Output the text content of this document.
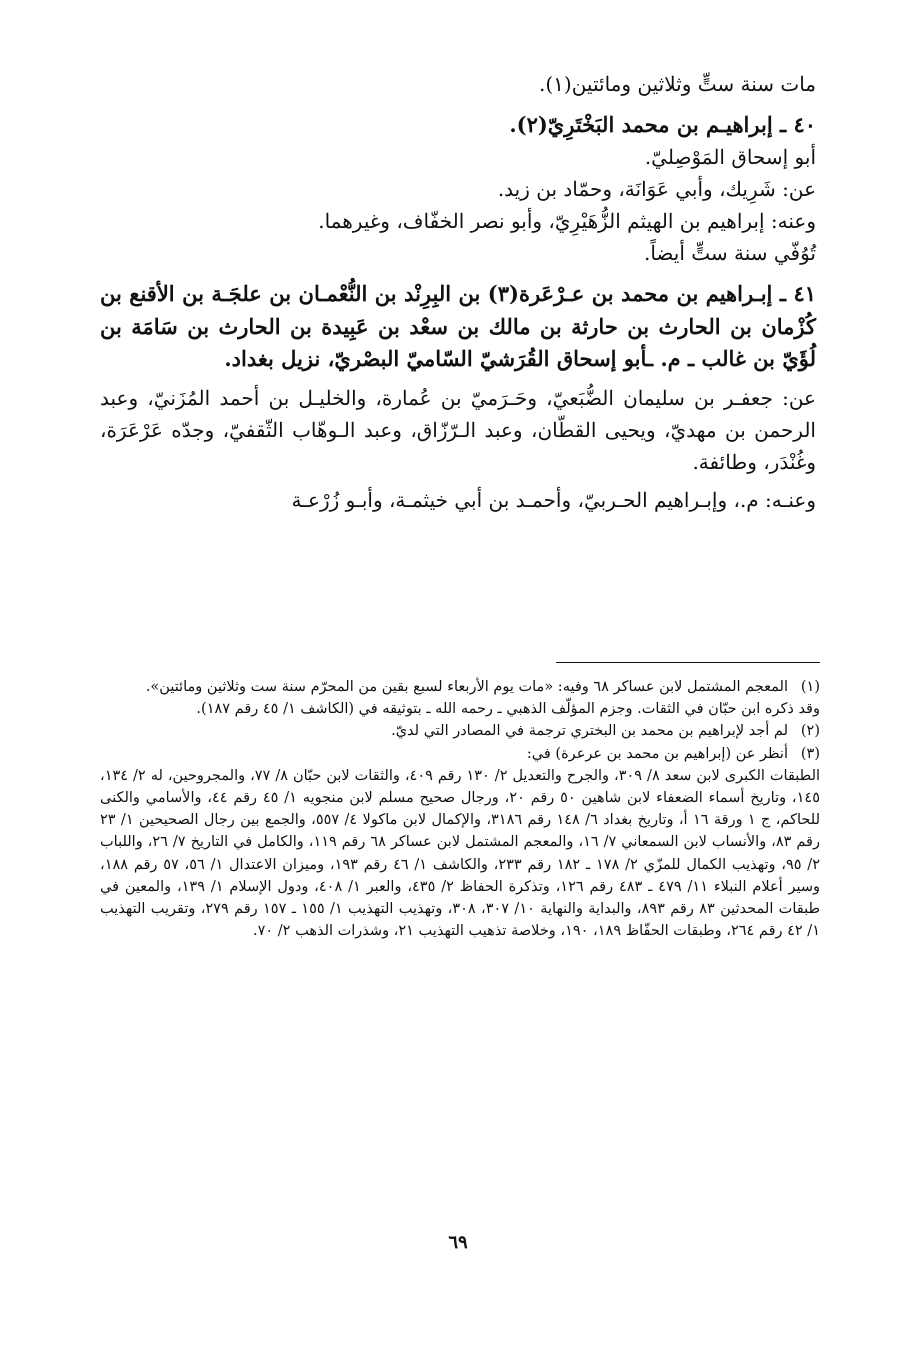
مات سنة ستٍّ وثلاثين ومائتين(١).
٤٠ ـ إبراهيـم بن محمد البَخْتَرِيّ(٢).
أبو إسحاق المَوْصِليّ.
عن: شَرِيك، وأبي عَوَانَة، وحمّاد بن زيد.
وعنه: إبراهيم بن الهيثم الزُّهَيْرِيّ، وأبو نصر الخفّاف، وغيرهما.
تُوُفّي سنة ستٍّ أيضاً.
٤١ ـ إبـراهيم بن محمد بن عـرْعَرة(٣) بن البِرِنْد بن النُّعْمـان بن علجَـة بن الأقنع بن كُزْمان بن الحارث بن حارثة بن مالك بن سعْد بن عَبِيدة بن الحارث بن سَامَة بن لُؤَيّ بن غالب ـ م. ـأبو إسحاق القُرَشيّ السّاميّ البصْريّ، نزيل بغداد.
عن: جعفـر بن سليمان الضُّبَعيّ، وحَـرَميّ بن عُمارة، والخليـل بن أحمد المُزَنيّ، وعبد الرحمن بن مهديّ، ويحيى القطّان، وعبد الـرّزّاق، وعبد الـوهّاب الثّقفيّ، وجدّه عَرْعَرَة، وغُنْدَر، وطائفة.
وعنـه: م.، وإبـراهيم الحـربيّ، وأحمـد بن أبي خيثمـة، وأبـو زُرْعـة
(١)
المعجم المشتمل لابن عساكر ٦٨ وفيه: «مات يوم الأربعاء لسبع بقين من المحرّم سنة ست وثلاثين ومائتين».
وقد ذكره ابن حبّان في الثقات. وجزم المؤلّف الذهبي ـ رحمه الله ـ بتوثيقه في (الكاشف ١/ ٤٥ رقم ١٨٧).
(٢)
لم أجد لإبراهيم بن محمد بن البختري ترجمة في المصادر التي لديّ.
(٣)
أنظر عن (إبراهيم بن محمد بن عرعرة) في:
الطبقات الكبرى لابن سعد ٨/ ٣٠٩، والجرح والتعديل ٢/ ١٣٠ رقم ٤٠٩، والثقات لابن حبّان ٨/ ٧٧، والمجروحين، له ٢/ ١٣٤، ١٤٥، وتاريخ أسماء الضعفاء لابن شاهين ٥٠ رقم ٢٠، ورجال صحيح مسلم لابن منجويه ١/ ٤٥ رقم ٤٤، والأسامي والكنى للحاكم، ج ١ ورقة ١٦ أ، وتاريخ بغداد ٦/ ١٤٨ رقم ٣١٨٦، والإكمال لابن ماكولا ٤/ ٥٥٧، والجمع بين رجال الصحيحين ١/ ٢٣ رقم ٨٣، والأنساب لابن السمعاني ٧/ ١٦، والمعجم المشتمل لابن عساكر ٦٨ رقم ١١٩، والكامل في التاريخ ٧/ ٢٦، واللباب ٢/ ٩٥، وتهذيب الكمال للمزّي ٢/ ١٧٨ ـ ١٨٢ رقم ٢٣٣، والكاشف ١/ ٤٦ رقم ١٩٣، وميزان الاعتدال ١/ ٥٦، ٥٧ رقم ١٨٨، وسير أعلام النبلاء ١١/ ٤٧٩ ـ ٤٨٣ رقم ١٢٦، وتذكرة الحفاظ ٢/ ٤٣٥، والعبر ١/ ٤٠٨، ودول الإسلام ١/ ١٣٩، والمعين في طبقات المحدثين ٨٣ رقم ٨٩٣، والبداية والنهاية ١٠/ ٣٠٧، ٣٠٨، وتهذيب التهذيب ١/ ١٥٥ ـ ١٥٧ رقم ٢٧٩، وتقريب التهذيب ١/ ٤٢ رقم ٢٦٤، وطبقات الحفّاظ ١٨٩، ١٩٠، وخلاصة تذهيب التهذيب ٢١، وشذرات الذهب ٢/ ٧٠.
٦٩
